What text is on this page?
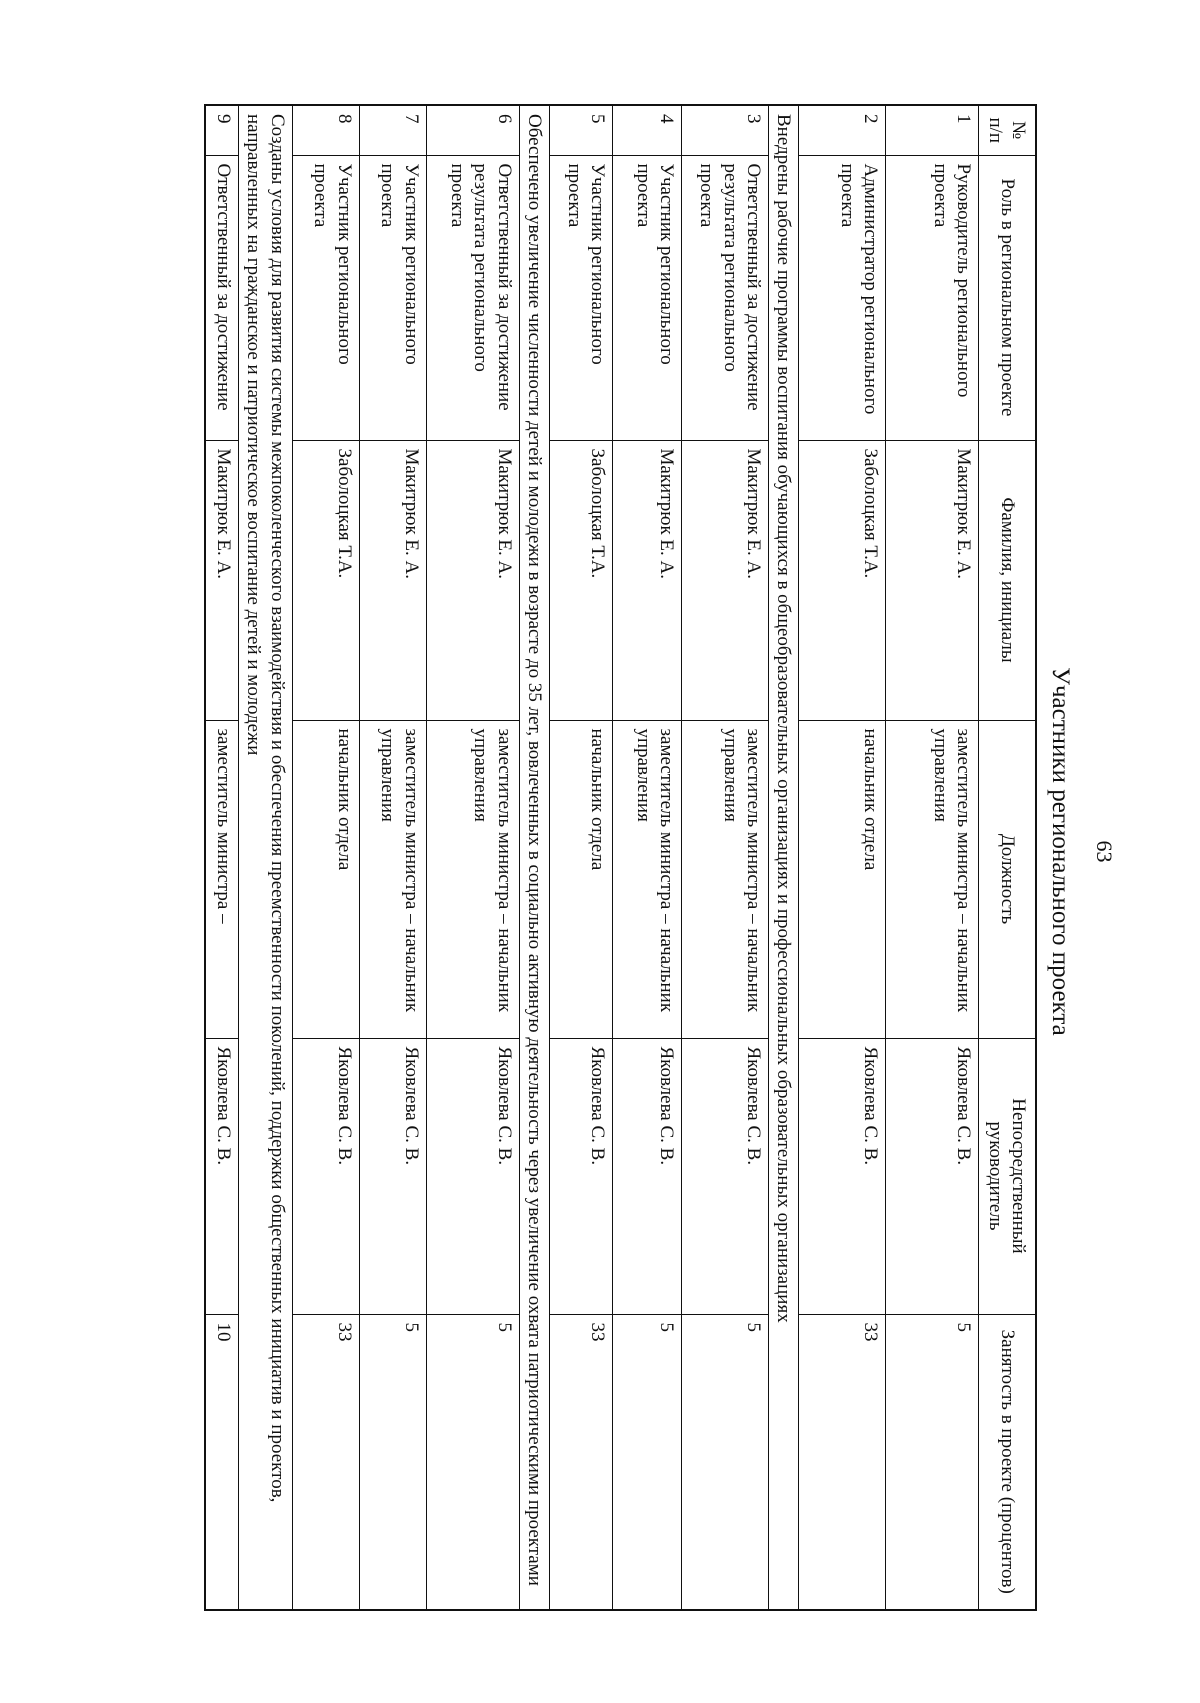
63
Участники регионального проекта
№ п/п	Роль в региональном проекте	Фамилия, инициалы	Должность	Непосредственный руководитель	Занятость в проекте (процентов)
1	Руководитель регионального проекта	Макитрюк Е. А.	заместитель министра – начальник управления	Яковлева С. В.	5
2	Администратор регионального проекта	Заболоцкая Т.А.	начальник отдела	Яковлева С. В.	33
Внедрены рабочие программы воспитания обучающихся в общеобразовательных организациях и профессиональных образовательных организациях					
3	Ответственный за достижение результата регионального проекта	Макитрюк Е. А.	заместитель министра – начальник управления	Яковлева С. В.	5
4	Участник регионального проекта	Макитрюк Е. А.	заместитель министра – начальник управления	Яковлева С. В.	5
5	Участник регионального проекта	Заболоцкая Т.А.	начальник отдела	Яковлева С. В.	33
Обеспечено увеличение численности детей и молодежи в возрасте до 35 лет, вовлеченных в социально активную деятельность через увеличение охвата патриотическими проектами					
6	Ответственный за достижение результата регионального проекта	Макитрюк Е. А.	заместитель министра – начальник управления	Яковлева С. В.	5
7	Участник регионального проекта	Макитрюк Е. А.	заместитель министра – начальник управления	Яковлева С. В.	5
8	Участник регионального проекта	Заболоцкая Т.А.	начальник отдела	Яковлева С. В.	33
Созданы условия для развития системы межпоколенческого взаимодействия и обеспечения преемственности поколений, поддержки общественных инициатив и проектов, направленных на гражданское и патриотическое воспитание детей и молодежи					
9	Ответственный за достижение	Макитрюк Е. А.	заместитель министра –	Яковлева С. В.	10
